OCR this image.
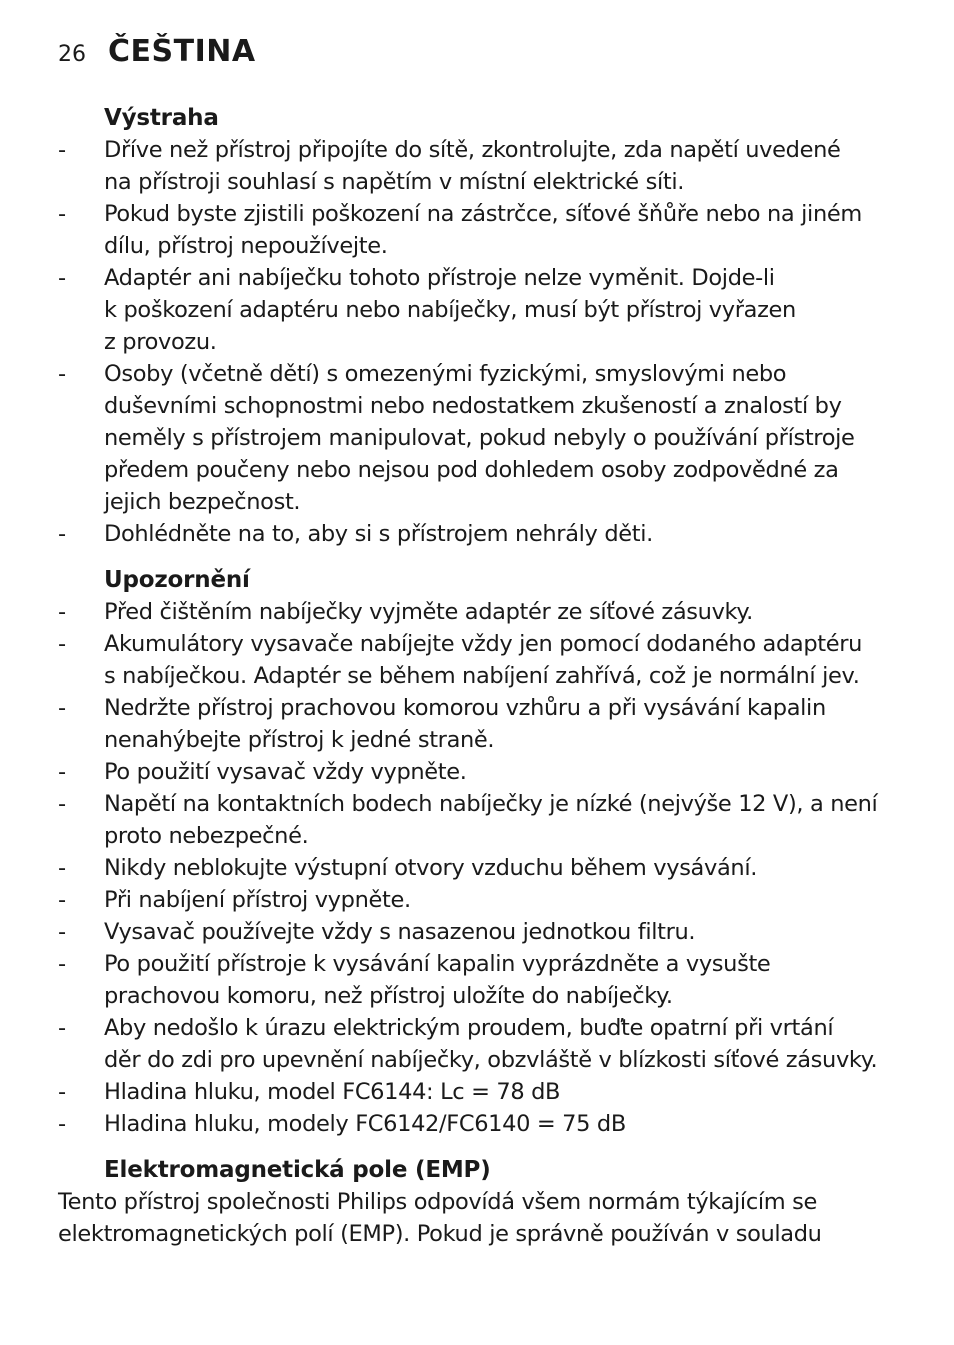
26 ČEŠTINA
Výstraha
-	Dříve než přístroj připojíte do sítě, zkontrolujte, zda napětí uvedené
na přístroji souhlasí s napětím v místní elektrické síti.
-	Pokud byste zjistili poškození na zástrčce, síťové šňůře nebo na jiném
dílu, přístroj nepoužívejte.
-	Adaptér ani nabíječku tohoto přístroje nelze vyměnit. Dojde-li
k poškození adaptéru nebo nabíječky, musí být přístroj vyřazen
z provozu.
-	Osoby (včetně dětí) s omezenými fyzickými, smyslovými nebo
duševními schopnostmi nebo nedostatkem zkušeností a znalostí by
neměly s přístrojem manipulovat, pokud nebyly o používání přístroje
předem poučeny nebo nejsou pod dohledem osoby zodpovědné za
jejich bezpečnost.
-	Dohlédněte na to, aby si s přístrojem nehrály děti.
Upozornění
-	Před čištěním nabíječky vyjměte adaptér ze síťové zásuvky.
-	Akumulátory vysavače nabíjejte vždy jen pomocí dodaného adaptéru
s nabíječkou. Adaptér se během nabíjení zahřívá, což je normální jev.
-	Nedržte přístroj prachovou komorou vzhůru a při vysávání kapalin
nenahýbejte přístroj k jedné straně.
-	Po použití vysavač vždy vypněte.
-	Napětí na kontaktních bodech nabíječky je nízké (nejvýše 12 V), a není
proto nebezpečné.
-	Nikdy neblokujte výstupní otvory vzduchu během vysávání.
-	Při nabíjení přístroj vypněte.
-	Vysavač používejte vždy s nasazenou jednotkou filtru.
-	Po použití přístroje k vysávání kapalin vyprázdněte a vysušte
prachovou komoru, než přístroj uložíte do nabíječky.
-	Aby nedošlo k úrazu elektrickým proudem, buďte opatrní při vrtání
děr do zdi pro upevnění nabíječky, obzvláště v blízkosti síťové zásuvky.
-	Hladina hluku, model FC6144: Lc = 78 dB
-	Hladina hluku, modely FC6142/FC6140 = 75 dB
Elektromagnetická pole (EMP)

Tento přístroj společnosti Philips odpovídá všem normám týkajícím se
elektromagnetických polí (EMP). Pokud je správně používán v souladu
